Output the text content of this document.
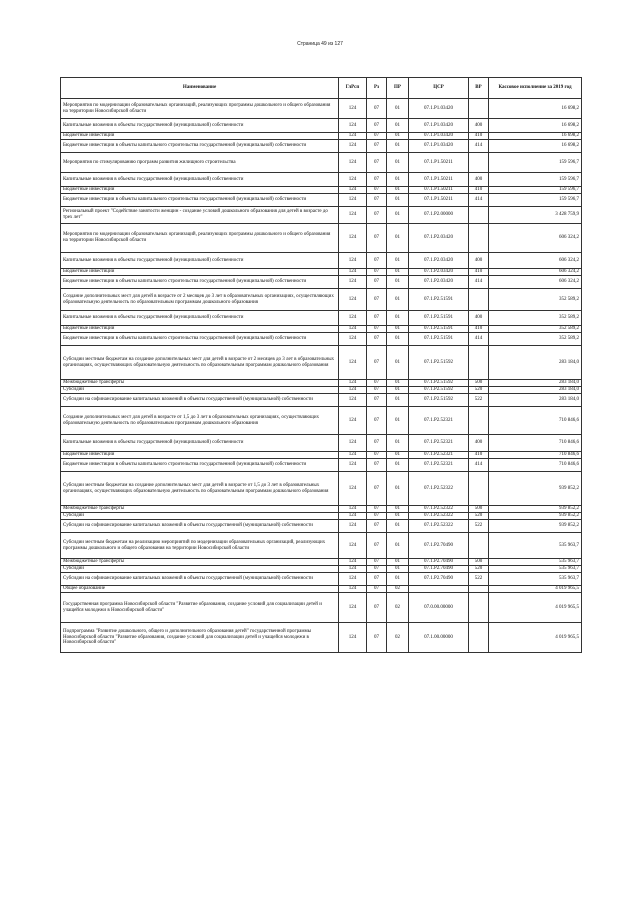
Страница 49 из 127
Наименование	ГлРсп	Рз	ПР	ЦСР	ВР	Кассовое исполнение за 2019 год
Мероприятия по модернизации образовательных организаций, реализующих программы дошкольного и общего образования на территории Новосибирской области	124	07	01	07.1.Р1.03420		16 698,2
Капитальные вложения в объекты государственной (муниципальной) собственности	124	07	01	07.1.Р1.03420	400	16 698,2
Бюджетные инвестиции	124	07	01	07.1.Р1.03420	410	16 698,2
Бюджетные инвестиции в объекты капитального строительства государственной (муниципальной) собственности	124	07	01	07.1.Р1.03420	414	16 698,2
Мероприятия по стимулированию программ развития жилищного строительства	124	07	01	07.1.Р1.50211		159 596,7
Капитальные вложения в объекты государственной (муниципальной) собственности	124	07	01	07.1.Р1.50211	400	159 596,7
Бюджетные инвестиции	124	07	01	07.1.Р1.50211	410	159 596,7
Бюджетные инвестиции в объекты капитального строительства государственной (муниципальной) собственности	124	07	01	07.1.Р1.50211	414	159 596,7
Региональный проект "Содействие занятости женщин - создание условий дошкольного образования для детей в возрасте до трех лет"	124	07	01	07.1.Р2.00000		3 428 759,9
Мероприятия по модернизации образовательных организаций, реализующих программы дошкольного и общего образования на территории Новосибирской области	124	07	01	07.1.Р2.03420		606 324,2
Капитальные вложения в объекты государственной (муниципальной) собственности	124	07	01	07.1.Р2.03420	400	606 324,2
Бюджетные инвестиции	124	07	01	07.1.Р2.03420	410	606 324,2
Бюджетные инвестиции в объекты капитального строительства государственной (муниципальной) собственности	124	07	01	07.1.Р2.03420	414	606 324,2
Создание дополнительных мест для детей в возрасте от 2 месяцев до 3 лет в образовательных организациях, осуществляющих образовательную деятельность по образовательным программам дошкольного образования	124	07	01	07.1.Р2.51591		352 589,2
Капитальные вложения в объекты государственной (муниципальной) собственности	124	07	01	07.1.Р2.51591	400	352 589,2
Бюджетные инвестиции	124	07	01	07.1.Р2.51591	410	352 589,2
Бюджетные инвестиции в объекты капитального строительства государственной (муниципальной) собственности	124	07	01	07.1.Р2.51591	414	352 589,2
Субсидии местным бюджетам на создание дополнительных мест для детей в возрасте от 2 месяцев до 3 лет в образовательных организациях, осуществляющих образовательную деятельность по образовательным программам дошкольного образования	124	07	01	07.1.Р2.51592		283 184,0
Межбюджетные трансферты	124	07	01	07.1.Р2.51592	500	283 184,0
Субсидии	124	07	01	07.1.Р2.51592	520	283 184,0
Субсидии на софинансирование капитальных вложений в объекты государственной (муниципальной) собственности	124	07	01	07.1.Р2.51592	522	283 184,0
Создание дополнительных мест для детей в возрасте от 1,5 до 3 лет в образовательных организациях, осуществляющих образовательную деятельность по образовательным программам дошкольного образования	124	07	01	07.1.Р2.52321		710 846,6
Капитальные вложения в объекты государственной (муниципальной) собственности	124	07	01	07.1.Р2.52321	400	710 846,6
Бюджетные инвестиции	124	07	01	07.1.Р2.52321	410	710 846,6
Бюджетные инвестиции в объекты капитального строительства государственной (муниципальной) собственности	124	07	01	07.1.Р2.52321	414	710 846,6
Субсидии местным бюджетам на создание дополнительных мест для детей в возрасте от 1,5 до 3 лет в образовательных организациях, осуществляющих образовательную деятельность по образовательным программам дошкольного образования	124	07	01	07.1.Р2.52322		939 852,2
Межбюджетные трансферты	124	07	01	07.1.Р2.52322	500	939 852,2
Субсидии	124	07	01	07.1.Р2.52322	520	939 852,2
Субсидии на софинансирование капитальных вложений в объекты государственной (муниципальной) собственности	124	07	01	07.1.Р2.52322	522	939 852,2
Субсидии местным бюджетам на реализацию мероприятий по модернизации образовательных организаций, реализующих программы дошкольного и общего образования на территории Новосибирской области	124	07	01	07.1.Р2.70490		535 963,7
Межбюджетные трансферты	124	07	01	07.1.Р2.70490	500	535 963,7
Субсидии	124	07	01	07.1.Р2.70490	520	535 963,7
Субсидии на софинансирование капитальных вложений в объекты государственной (муниципальной) собственности	124	07	01	07.1.Р2.70490	522	535 963,7
Общее образование	124	07	02			4 019 965,5
Государственная программа Новосибирской области "Развитие образования, создание условий для социализации детей и учащейся молодежи в Новосибирской области"	124	07	02	07.0.00.00000		4 019 965,5
Подпрограмма "Развитие дошкольного, общего и дополнительного образования детей" государственной программы Новосибирской области "Развитие образования, создание условий для социализации детей и учащейся молодежи в Новосибирской области"	124	07	02	07.1.00.00000		4 019 965,5
